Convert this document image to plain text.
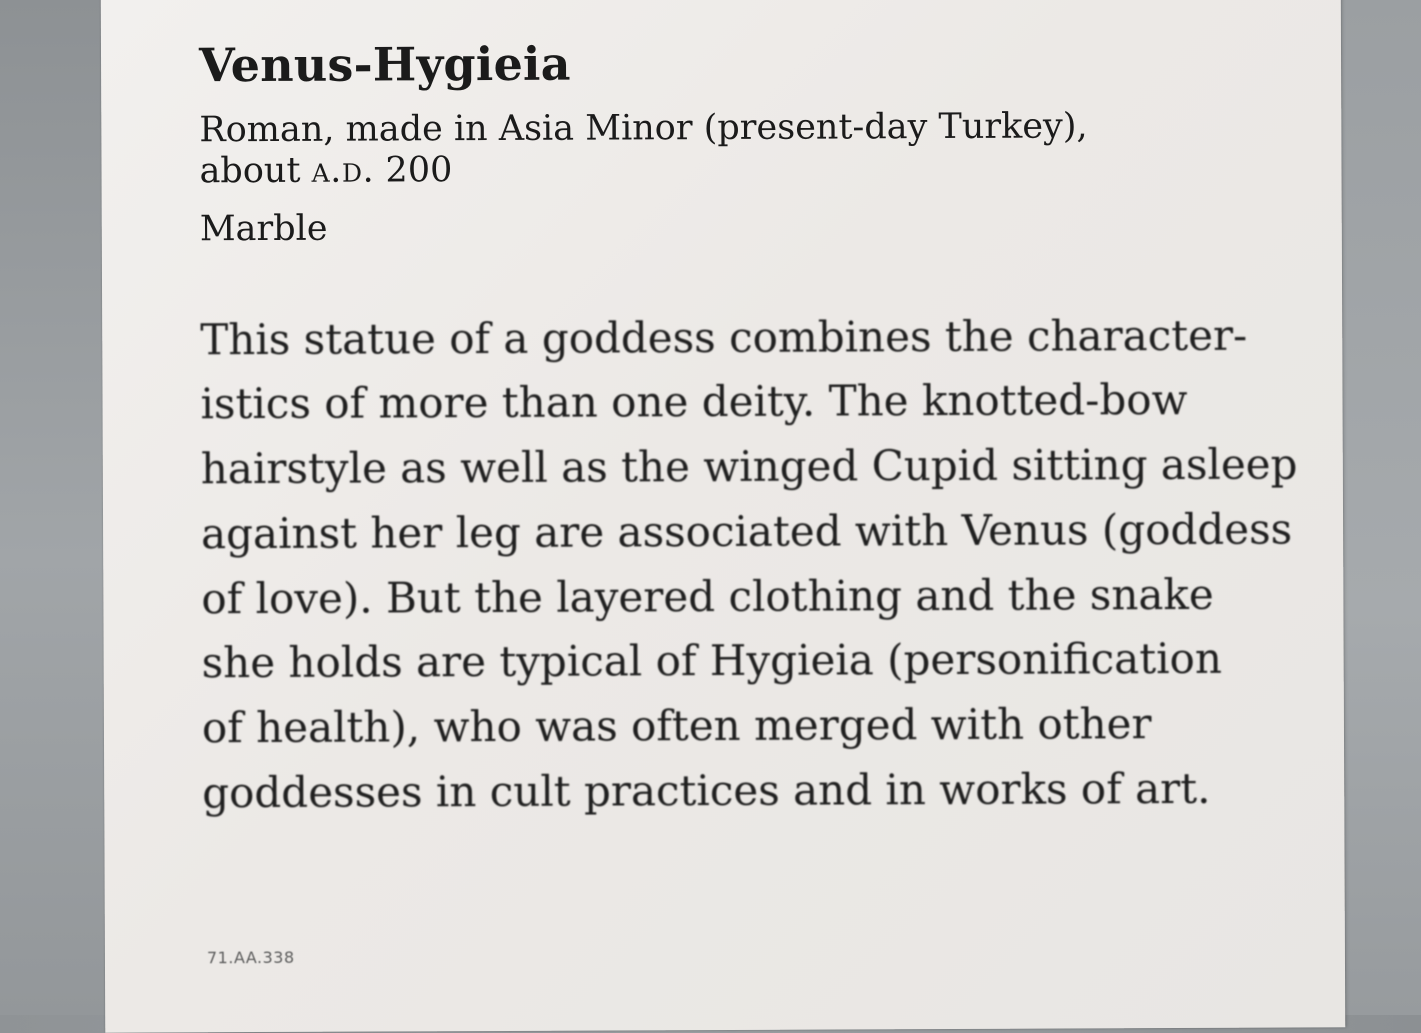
Venus-Hygieia
Roman, made in Asia Minor (present-day Turkey),
about a.d. 200
Marble
This statue of a goddess combines the character-
istics of more than one deity. The knotted-bow
hairstyle as well as the winged Cupid sitting asleep
against her leg are associated with Venus (goddess
of love). But the layered clothing and the snake
she holds are typical of Hygieia (personification
of health), who was often merged with other
goddesses in cult practices and in works of art.
71.AA.338
